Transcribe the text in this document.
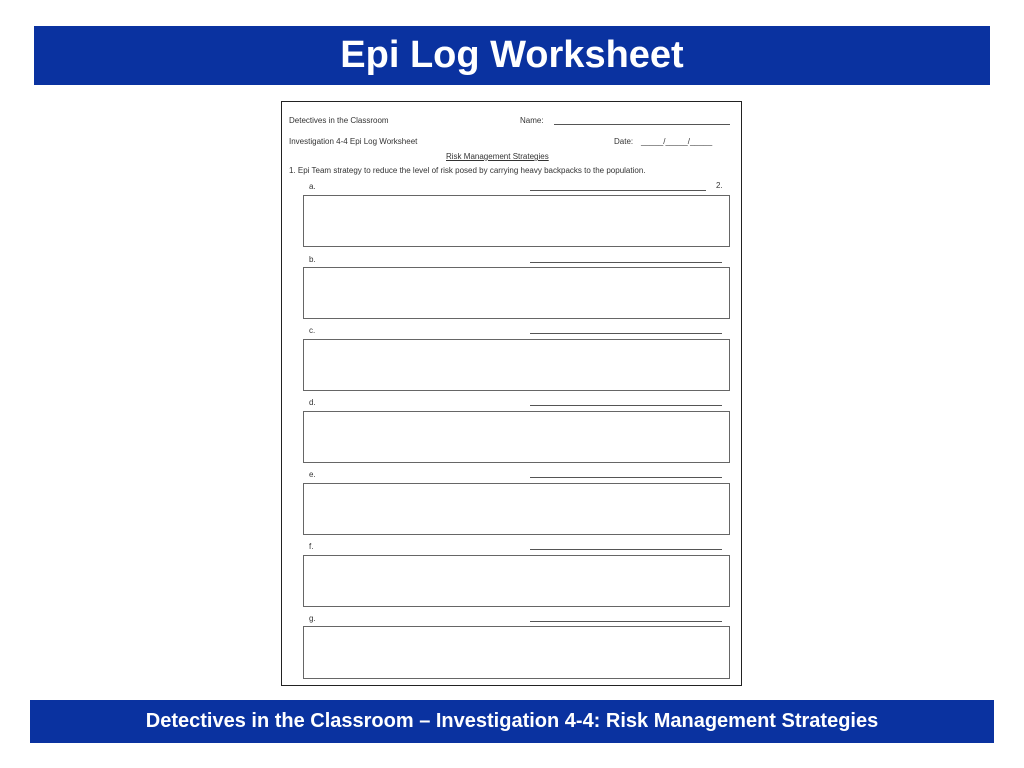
Epi Log Worksheet
Detectives in the Classroom	Name:
Investigation 4-4 Epi Log Worksheet	Date: _____/_____/_____
Risk Management Strategies
1. Epi Team strategy to reduce the level of risk posed by carrying heavy backpacks to the population.
a.	2.
b.
c.
d.
e.
f.
g.
Detectives in the Classroom – Investigation 4-4: Risk Management Strategies
